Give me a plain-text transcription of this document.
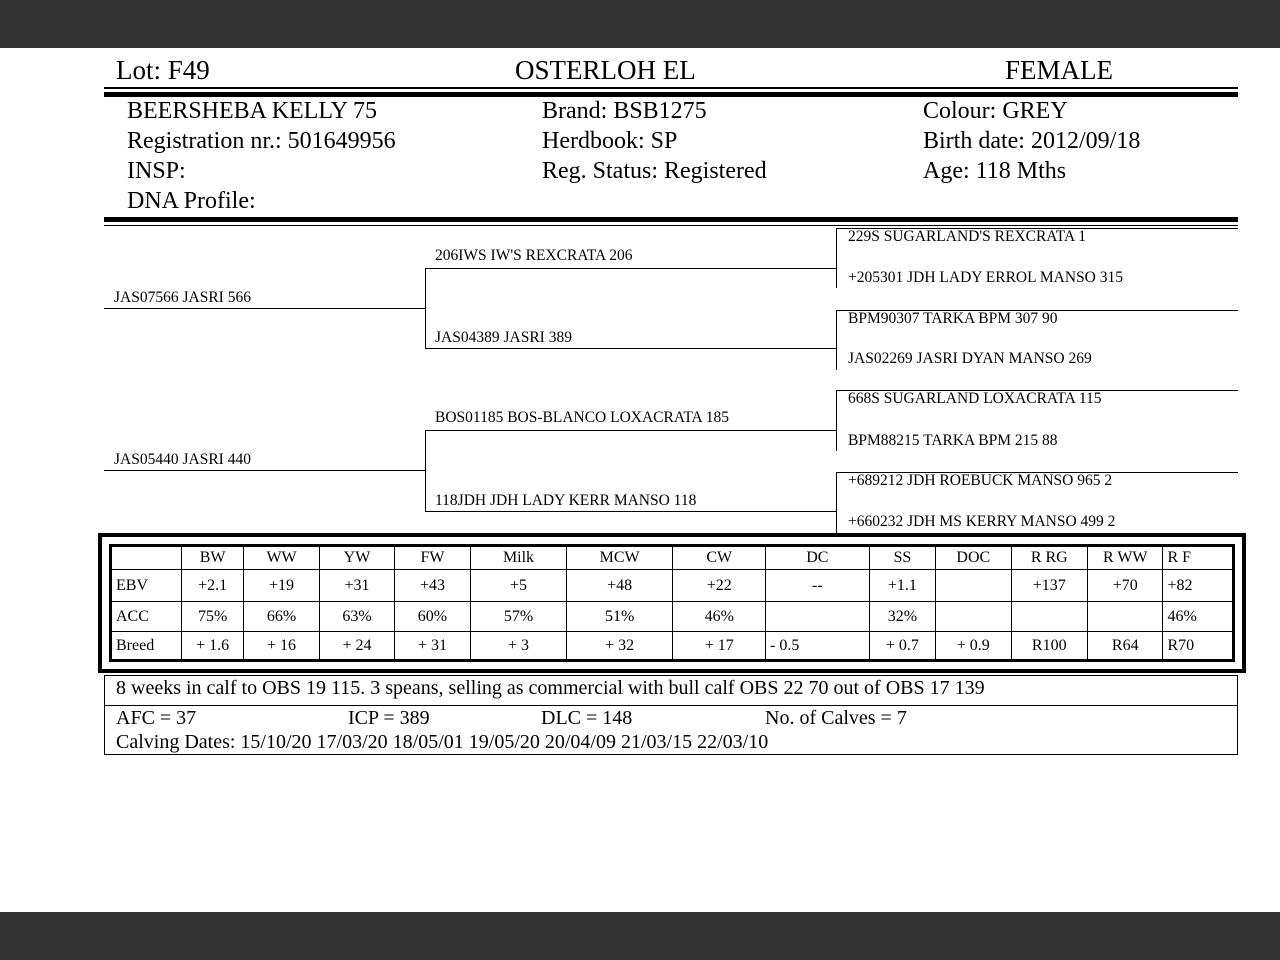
Lot: F49	OSTERLOH EL	FEMALE
BEERSHEBA KELLY 75
Registration nr.: 501649956
INSP:
DNA Profile:
Brand: BSB1275
Herdbook: SP
Reg. Status: Registered
Colour: GREY
Birth date: 2012/09/18
Age: 118 Mths
JAS07566 JASRI 566
JAS05440 JASRI 440
206IWS IW'S REXCRATA 206
JAS04389 JASRI 389
BOS01185 BOS-BLANCO LOXACRATA 185
118JDH JDH LADY KERR MANSO 118
229S SUGARLAND'S REXCRATA 1
+205301 JDH LADY ERROL MANSO 315
BPM90307 TARKA BPM 307 90
JAS02269 JASRI DYAN MANSO 269
668S SUGARLAND LOXACRATA 115
BPM88215 TARKA BPM 215 88
+689212 JDH ROEBUCK MANSO 965 2
+660232 JDH MS KERRY MANSO 499 2
	BW	WW	YW	FW	Milk	MCW	CW	DC	SS	DOC	R RG	R WW	R F
EBV	+2.1	+19	+31	+43	+5	+48	+22	--	+1.1		+137	+70	+82
ACC	75%	66%	63%	60%	57%	51%	46%		32%				46%
Breed	+ 1.6	+ 16	+ 24	+ 31	+ 3	+ 32	+ 17	- 0.5	+ 0.7	+ 0.9	R100	R64	R70
8 weeks in calf to OBS 19 115. 3 speans, selling as commercial with bull calf OBS 22 70 out of OBS 17 139
AFC = 37	ICP = 389	DLC = 148	No. of Calves = 7
Calving Dates: 15/10/20 17/03/20 18/05/01 19/05/20 20/04/09 21/03/15 22/03/10
